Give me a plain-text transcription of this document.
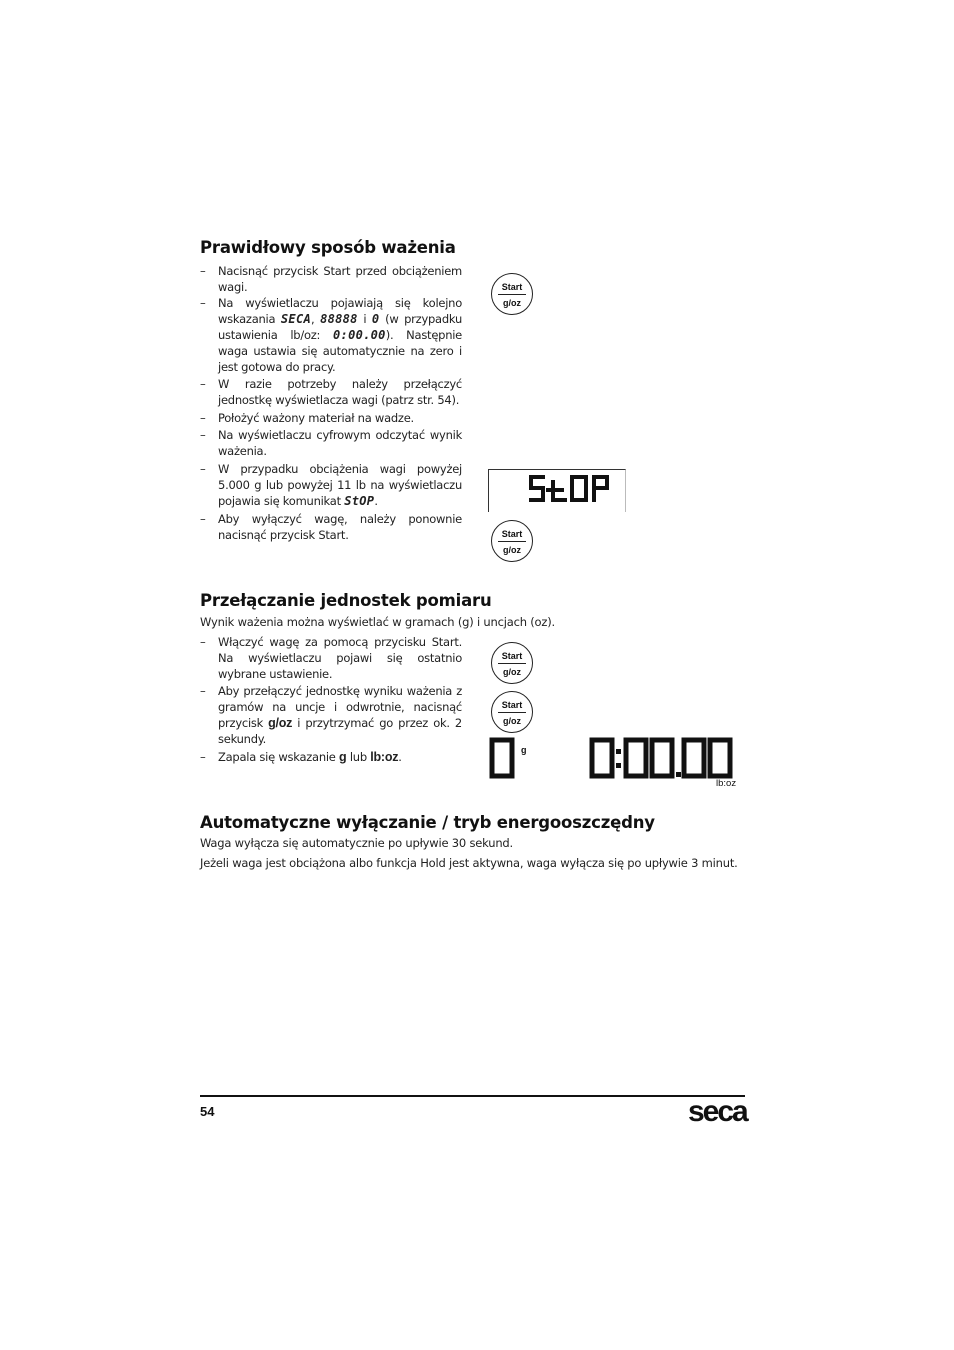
Prawidłowy sposób ważenia
– Nacisnąć przycisk Start przed obciążeniem wagi.
– Na wyświetlaczu pojawiają się kolejno wskazania SECA, 88888 i 0 (w przypadku ustawienia lb/oz: 0:00.00). Następnie waga ustawia się automatycznie na zero i jest gotowa do pracy.
– W razie potrzeby należy przełączyć jednostkę wyświetlacza wagi (patrz str. 54).
– Położyć ważony materiał na wadze.
– Na wyświetlaczu cyfrowym odczytać wynik ważenia.
– W przypadku obciążenia wagi powyżej 5.000 g lub powyżej 11 lb na wyświetlaczu pojawia się komunikat StOP.
– Aby wyłączyć wagę, należy ponownie nacisnąć przycisk Start.
Start
g/oz
StOP
Start
g/oz
Przełączanie jednostek pomiaru

Wynik ważenia można wyświetlać w gramach (g) i uncjach (oz).

– Włączyć wagę za pomocą przycisku Start. Na wyświetlaczu pojawi się ostatnio wybrane ustawienie.
– Aby przełączyć jednostkę wyniku ważenia z gramów na uncje i odwrotnie, nacisnąć przycisk g/oz i przytrzymać go przez ok. 2 sekundy.
– Zapala się wskazanie g lub lb:oz.
Start
g/oz
Start
g/oz
g
lb:oz
Automatyczne wyłączanie / tryb energooszczędny

Waga wyłącza się automatycznie po upływie 30 sekund.

Jeżeli waga jest obciążona albo funkcja Hold jest aktywna, waga wyłącza się po upływie 3 minut.

54	seca
